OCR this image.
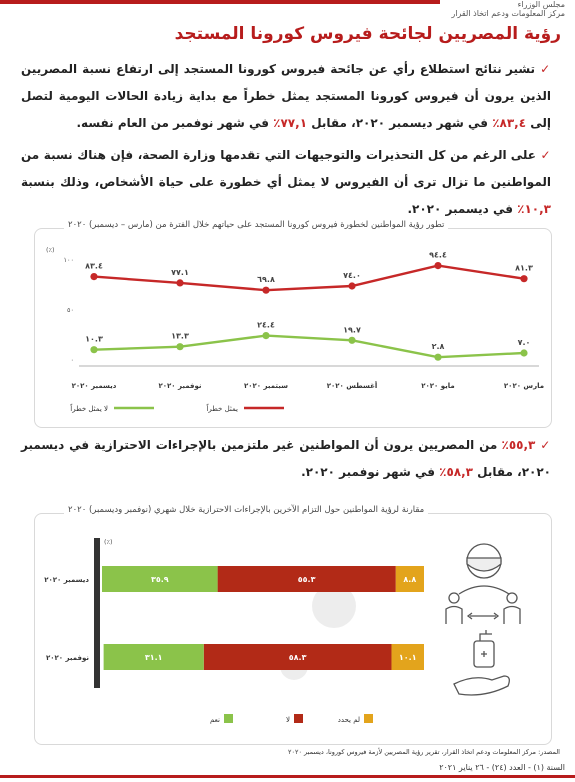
مجلس الوزراء
مركز المعلومات ودعم اتخاذ القرار
رؤية المصريين لجائحة فيروس كورونا المستجد
✓ تشير نتائج استطلاع رأي عن جائحة فيروس كورونا المستجد إلى ارتفاع نسبة المصريين الذين يرون أن فيروس كورونا المستجد يمثل خطراً مع بداية زيادة الحالات اليومية لتصل إلى ٨٣,٤٪ في شهر ديسمبر ٢٠٢٠، مقابل ٧٧,١٪ في شهر نوفمبر من العام نفسه.
✓ على الرغم من كل التحذيرات والتوجيهات التي تقدمها وزارة الصحة، فإن هناك نسبة من المواطنين ما تزال ترى أن الفيروس لا يمثل أي خطورة على حياة الأشخاص، وذلك بنسبة ١٠,٣٪ في ديسمبر ٢٠٢٠.
تطور رؤية المواطنين لخطورة فيروس كورونا المستجد على حياتهم خلال الفترة من (مارس – ديسمبر) ٢٠٢٠
(٪)
٠
٥٠
١٠٠
مارس ٢٠٢٠
مايو ٢٠٢٠
أغسطس ٢٠٢٠
سبتمبر ٢٠٢٠
نوفمبر ٢٠٢٠
ديسمبر ٢٠٢٠
٨١.٣
٩٤.٤
٧٤.٠
٦٩.٨
٧٧.١
٨٣.٤
٧.٠
٢.٨
١٩.٧
٢٤.٤
١٣.٣
١٠.٣
يمثل خطراً
لا يمثل خطراً
✓ ٥٥,٣٪ من المصريين يرون أن المواطنين غير ملتزمين بالإجراءات الاحترازية في ديسمبر ٢٠٢٠، مقابل ٥٨,٣٪ في شهر نوفمبر ٢٠٢٠.
مقارنة لرؤية المواطنين حول التزام الآخرين بالإجراءات الاحترازية خلال شهري (نوفمبر وديسمبر) ٢٠٢٠
(٪)
ديسمبر ٢٠٢٠	٨.٨
٥٥.٣
٣٥.٩
نوفمبر ٢٠٢٠	١٠.١
٥٨.٣
٣١.١
نعم	لا	لم يحدد
المصدر: مركز المعلومات ودعم اتخاذ القرار، تقرير رؤية المصريين لأزمة فيروس كورونا، ديسمبر ٢٠٢٠
السنة (١) - العدد (٢٤) - ٢٦ يناير ٢٠٢١
